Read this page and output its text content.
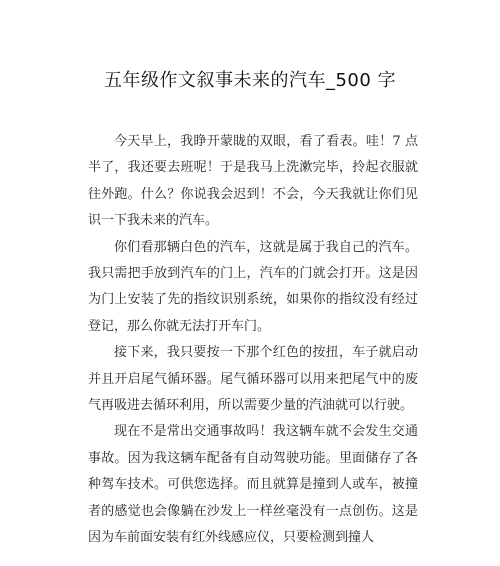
五年级作文叙事未来的汽车_500 字

今天早上，我睁开蒙眬的双眼，看了看表。哇！7 点半了，我还要去班呢！于是我马上洗漱完毕，拎起衣服就往外跑。什么？你说我会迟到！不会，今天我就让你们见识一下我未来的汽车。

你们看那辆白色的汽车，这就是属于我自己的汽车。我只需把手放到汽车的门上，汽车的门就会打开。这是因为门上安装了先的指纹识别系统，如果你的指纹没有经过登记，那么你就无法打开车门。

接下来，我只要按一下那个红色的按扭，车子就启动并且开启尾气循环器。尾气循环器可以用来把尾气中的废气再吸进去循环利用，所以需要少量的汽油就可以行驶。

现在不是常出交通事故吗！我这辆车就不会发生交通事故。因为我这辆车配备有自动驾驶功能。里面储存了各种驾车技术。可供您选择。而且就算是撞到人或车，被撞者的感觉也会像躺在沙发上一样丝毫没有一点创伤。这是因为车前面安装有红外线感应仪，只要检测到撞人
